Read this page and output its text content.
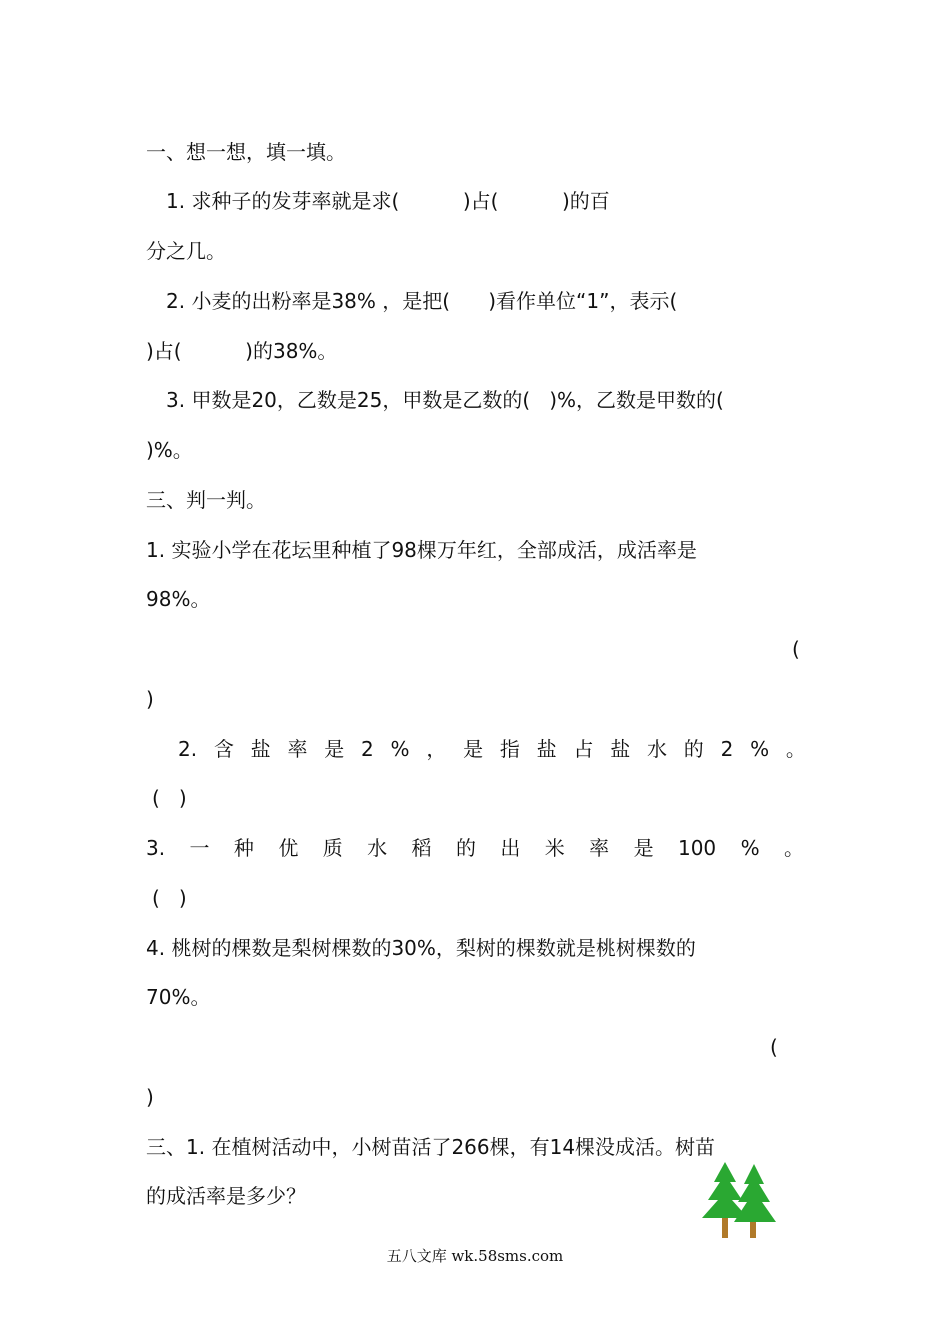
一、想一想，填一填。
1. 求种子的发芽率就是求(          )占(          )的百
分之几。
2. 小麦的出粉率是38% ，是把(      )看作单位“1”，表示(
)占(          )的38%。
3. 甲数是20，乙数是25，甲数是乙数的(   )%，乙数是甲数的(
)%。
三、判一判。
1. 实验小学在花坛里种植了98棵万年红，全部成活，成活率是
98%。
(
)
2. 含 盐 率 是 2 % ， 是 指 盐 占 盐 水 的 2 % 。
(   )
3. 一 种 优 质 水 稻 的 出 米 率 是 100 % 。
(   )
4. 桃树的棵数是梨树棵数的30%，梨树的棵数就是桃树棵数的
70%。
(
)
三、1. 在植树活动中，小树苗活了266棵，有14棵没成活。树苗
的成活率是多少？
五八文库 wk.58sms.com
